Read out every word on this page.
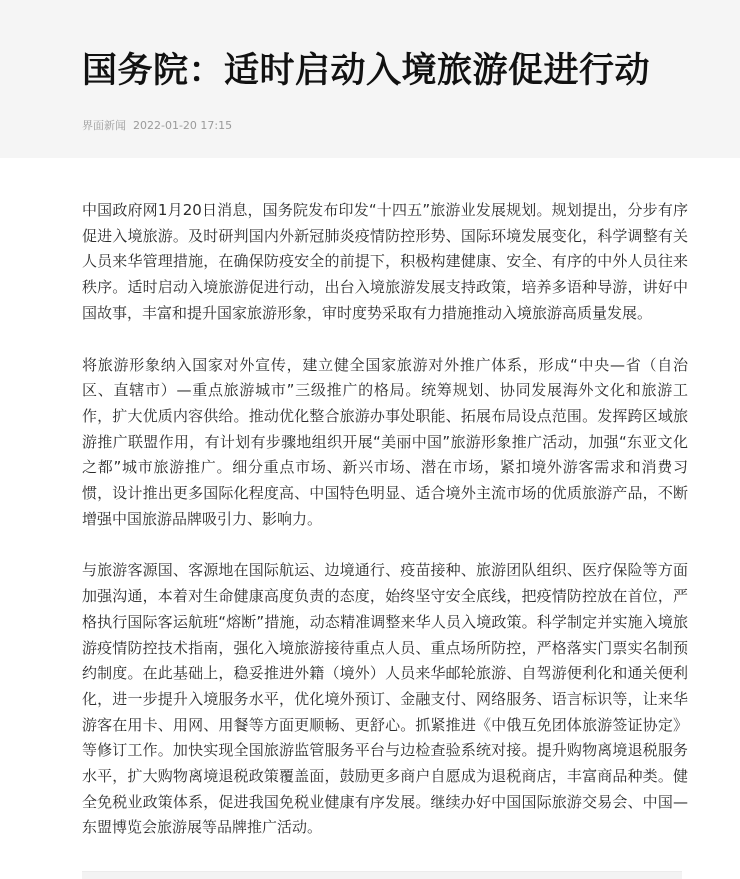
国务院：适时启动入境旅游促进行动
界面新闻 2022-01-20 17:15

中国政府网1月20日消息，国务院发布印发“十四五”旅游业发展规划。规划提出，分步有序促进入境旅游。及时研判国内外新冠肺炎疫情防控形势、国际环境发展变化，科学调整有关人员来华管理措施，在确保防疫安全的前提下，积极构建健康、安全、有序的中外人员往来秩序。适时启动入境旅游促进行动，出台入境旅游发展支持政策，培养多语种导游，讲好中国故事，丰富和提升国家旅游形象，审时度势采取有力措施推动入境旅游高质量发展。

将旅游形象纳入国家对外宣传，建立健全国家旅游对外推广体系，形成“中央—省（自治区、直辖市）—重点旅游城市”三级推广的格局。统筹规划、协同发展海外文化和旅游工作，扩大优质内容供给。推动优化整合旅游办事处职能、拓展布局设点范围。发挥跨区域旅游推广联盟作用，有计划有步骤地组织开展“美丽中国”旅游形象推广活动，加强“东亚文化之都”城市旅游推广。细分重点市场、新兴市场、潜在市场，紧扣境外游客需求和消费习惯，设计推出更多国际化程度高、中国特色明显、适合境外主流市场的优质旅游产品，不断增强中国旅游品牌吸引力、影响力。

与旅游客源国、客源地在国际航运、边境通行、疫苗接种、旅游团队组织、医疗保险等方面加强沟通，本着对生命健康高度负责的态度，始终坚守安全底线，把疫情防控放在首位，严格执行国际客运航班“熔断”措施，动态精准调整来华人员入境政策。科学制定并实施入境旅游疫情防控技术指南，强化入境旅游接待重点人员、重点场所防控，严格落实门票实名制预约制度。在此基础上，稳妥推进外籍（境外）人员来华邮轮旅游、自驾游便利化和通关便利化，进一步提升入境服务水平，优化境外预订、金融支付、网络服务、语言标识等，让来华游客在用卡、用网、用餐等方面更顺畅、更舒心。抓紧推进《中俄互免团体旅游签证协定》等修订工作。加快实现全国旅游监管服务平台与边检查验系统对接。提升购物离境退税服务水平，扩大购物离境退税政策覆盖面，鼓励更多商户自愿成为退税商店，丰富商品种类。健全免税业政策体系，促进我国免税业健康有序发展。继续办好中国国际旅游交易会、中国—东盟博览会旅游展等品牌推广活动。
